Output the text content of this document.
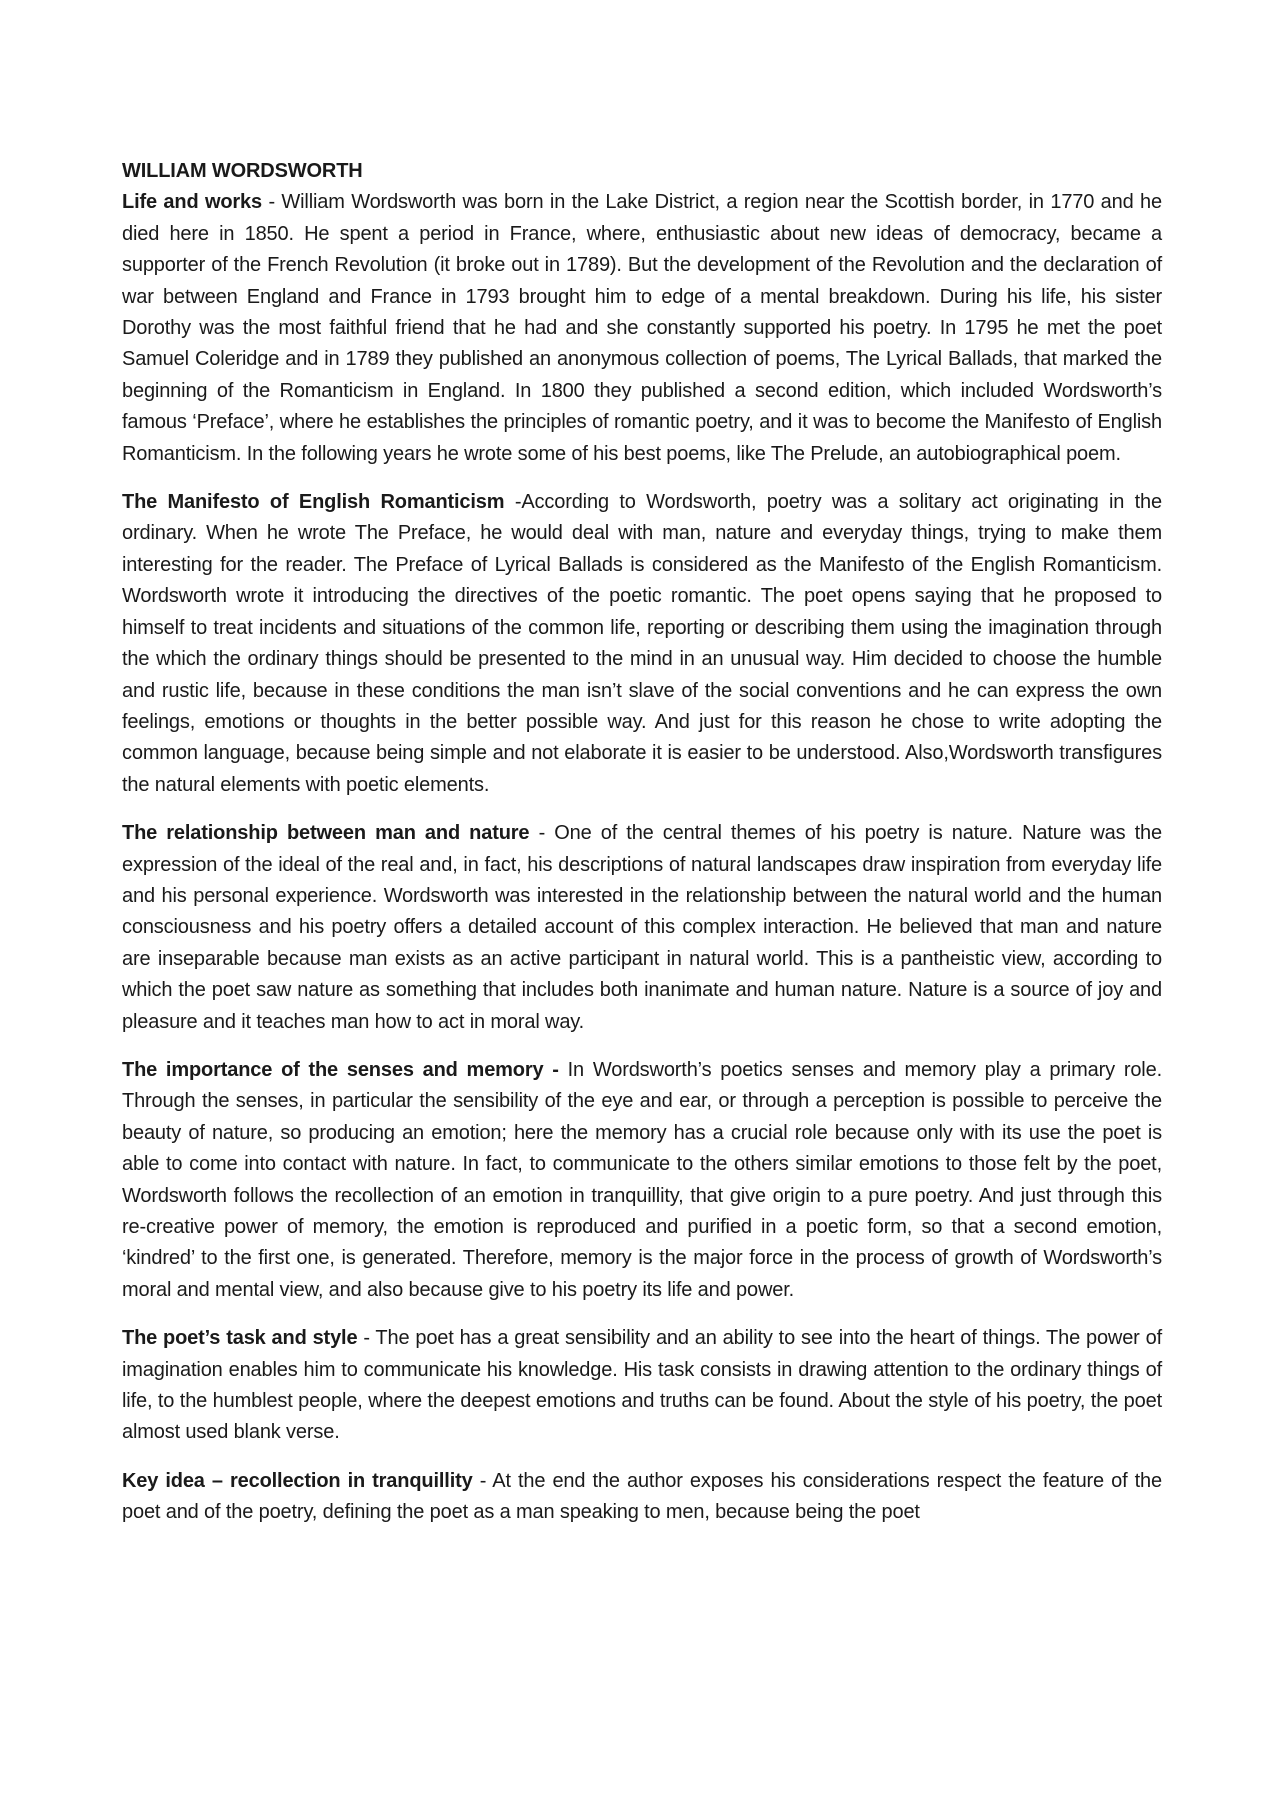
WILLIAM WORDSWORTH

Life and works - William Wordsworth was born in the Lake District, a region near the Scottish border, in 1770 and he died here in 1850. He spent a period in France, where, enthusiastic about new ideas of democracy, became a supporter of the French Revolution (it broke out in 1789). But the development of the Revolution and the declaration of war between England and France in 1793 brought him to edge of a mental breakdown. During his life, his sister Dorothy was the most faithful friend that he had and she constantly supported his poetry. In 1795 he met the poet Samuel Coleridge and in 1789 they published an anonymous collection of poems, The Lyrical Ballads, that marked the beginning of the Romanticism in England. In 1800 they published a second edition, which included Wordsworth’s famous ‘Preface’, where he establishes the principles of romantic poetry, and it was to become the Manifesto of English Romanticism. In the following years he wrote some of his best poems, like The Prelude, an autobiographical poem.

The Manifesto of English Romanticism -According to Wordsworth, poetry was a solitary act originating in the ordinary. When he wrote The Preface, he would deal with man, nature and everyday things, trying to make them interesting for the reader. The Preface of Lyrical Ballads is considered as the Manifesto of the English Romanticism. Wordsworth wrote it introducing the directives of the poetic romantic. The poet opens saying that he proposed to himself to treat incidents and situations of the common life, reporting or describing them using the imagination through the which the ordinary things should be presented to the mind in an unusual way. Him decided to choose the humble and rustic life, because in these conditions the man isn’t slave of the social conventions and he can express the own feelings, emotions or thoughts in the better possible way. And just for this reason he chose to write adopting the common language, because being simple and not elaborate it is easier to be understood. Also,Wordsworth transfigures the natural elements with poetic elements.

The relationship between man and nature - One of the central themes of his poetry is nature. Nature was the expression of the ideal of the real and, in fact, his descriptions of natural landscapes draw inspiration from everyday life and his personal experience. Wordsworth was interested in the relationship between the natural world and the human consciousness and his poetry offers a detailed account of this complex interaction. He believed that man and nature are inseparable because man exists as an active participant in natural world. This is a pantheistic view, according to which the poet saw nature as something that includes both inanimate and human nature. Nature is a source of joy and pleasure and it teaches man how to act in moral way.

The importance of the senses and memory - In Wordsworth’s poetics senses and memory play a primary role. Through the senses, in particular the sensibility of the eye and ear, or through a perception is possible to perceive the beauty of nature, so producing an emotion; here the memory has a crucial role because only with its use the poet is able to come into contact with nature. In fact, to communicate to the others similar emotions to those felt by the poet, Wordsworth follows the recollection of an emotion in tranquillity, that give origin to a pure poetry. And just through this re-creative power of memory, the emotion is reproduced and purified in a poetic form, so that a second emotion, ‘kindred’ to the first one, is generated. Therefore, memory is the major force in the process of growth of Wordsworth’s moral and mental view, and also because give to his poetry its life and power.

The poet’s task and style - The poet has a great sensibility and an ability to see into the heart of things. The power of imagination enables him to communicate his knowledge. His task consists in drawing attention to the ordinary things of life, to the humblest people, where the deepest emotions and truths can be found. About the style of his poetry, the poet almost used blank verse.

Key idea – recollection in tranquillity - At the end the author exposes his considerations respect the feature of the poet and of the poetry, defining the poet as a man speaking to men, because being the poet
